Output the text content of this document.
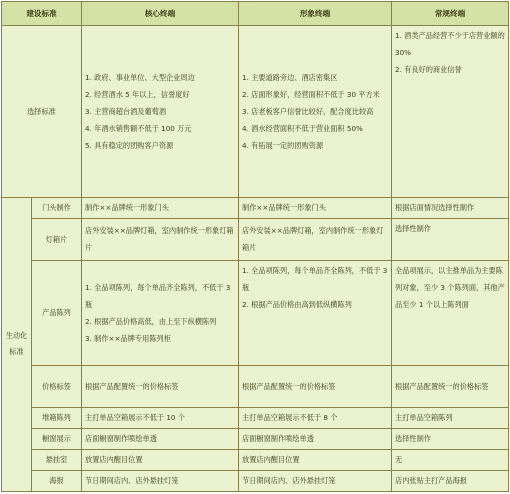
建设标准		核心终端	形象终端	常规终端
选择标准		1. 政府、事业单位、大型企业周边
2. 经营酒水 5 年以上，信誉度好
3. 主营商超台酒及葡萄酒
4. 年酒水销售额不低于 100 万元
5. 具有稳定的团购客户资源	1. 主要道路旁边、酒店密集区
2. 店面形象好，经营面积不低于 30 平方米
3. 店老板客户信誉比较好，配合度比较高
4. 酒水经营面积不低于营业面积 50%
4. 有拓展一定的团购资源	1. 酒类产品经营不少于店营业额的 30%
2. 有良好的商业信誉

生动化标准	门头制作	制作××品牌统一形象门头	制作××品牌统一形象门头	根据店面情况选择性制作
	灯箱片	店外安装××品牌灯箱，室内制作统一形象灯箱片	店外安装××品牌灯箱，室内制作统一形象灯箱片	选择性制作
	产品陈列	1. 全品项陈列，每个单品齐全陈列，不低于 3 瓶
2. 根据产品价格高低，由上至下纵横陈列
3. 制作××品牌专用陈列柜	1. 全品项陈列，每个单品齐全陈列，不低于 3 瓶
2. 根据产品价格由高到低纵横陈列	全品项展示，以主推单品为主要陈列对象，至少 3 个陈列面，其他产品至少 1 个以上陈列面
	价格标签	根据产品配置统一的价格标签	根据产品配置统一的价格标签	根据产品配置统一的价格标签
	堆箱陈列	主打单品空箱展示不低于 10 个	主打单品空箱展示不低于 8 个	主打单品空箱陈列
	橱窗展示	店面橱窗制作喷绘单透	店面橱窗制作喷绘单透	选择性制作
	悬挂室	放置店内醒目位置	放置店内醒目位置	无
	海报	节日期间店内、店外悬挂灯笼	节日期间店内、店外悬挂灯笼	店内张贴主打产品海报
